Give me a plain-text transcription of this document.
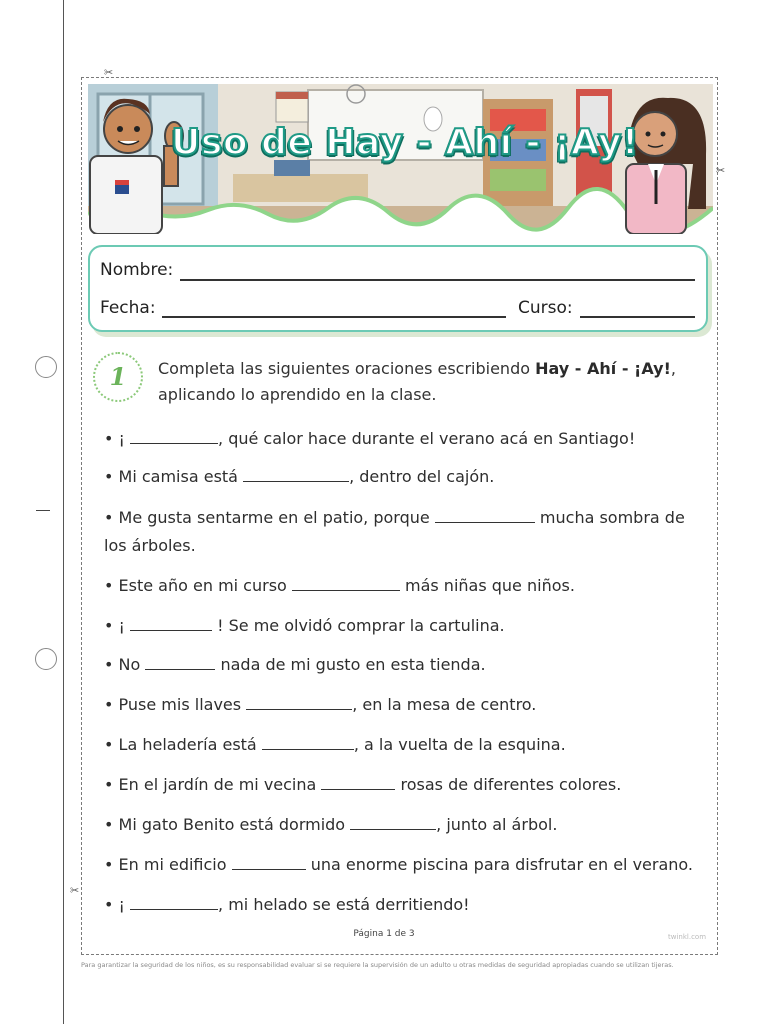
✂
✂
✂
Uso de Hay - Ahí - ¡Ay!
Nombre:
Fecha:	Curso:
1	Completa las siguientes oraciones escribiendo Hay - Ahí - ¡Ay!, aplicando lo aprendido en la clase.
• ¡	, qué calor hace durante el verano acá en Santiago!
• Mi camisa está	, dentro del cajón.
• Me gusta sentarme en el patio, porque	mucha sombra de los árboles.
• Este año en mi curso	más niñas que niños.
• ¡	! Se me olvidó comprar la cartulina.
• No	nada de mi gusto en esta tienda.
• Puse mis llaves	, en la mesa de centro.
• La heladería está	, a la vuelta de la esquina.
• En el jardín de mi vecina	rosas de diferentes colores.
• Mi gato Benito está dormido	, junto al árbol.
• En mi edificio	una enorme piscina para disfrutar en el verano.
• ¡	, mi helado se está derritiendo!
Página 1 de 3	twinkl.com
Para garantizar la seguridad de los niños, es su responsabilidad evaluar si se requiere la supervisión de un adulto u otras medidas de seguridad apropiadas cuando se utilizan tijeras.
